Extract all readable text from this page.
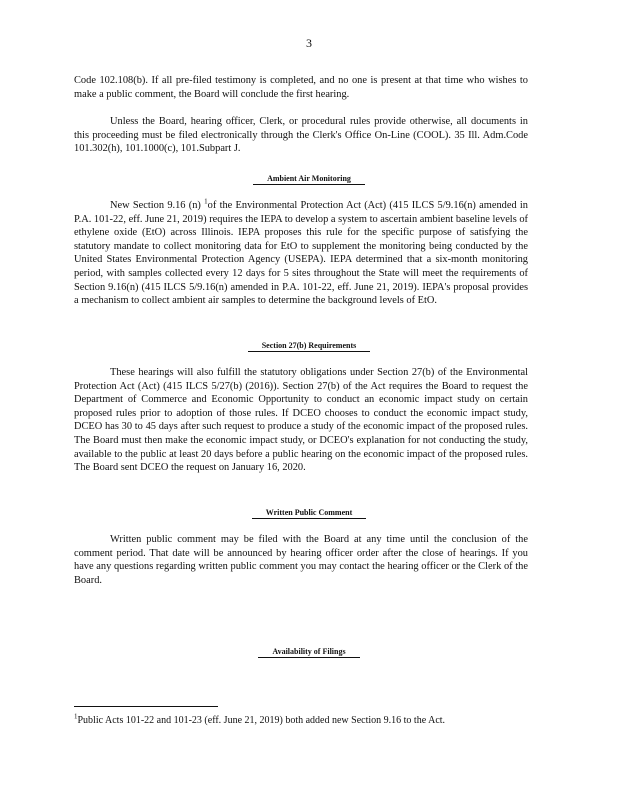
3

Code 102.108(b). If all pre-filed testimony is completed, and no one is present at that time who wishes to make a public comment, the Board will conclude the first hearing.

Unless the Board, hearing officer, Clerk, or procedural rules provide otherwise, all documents in this proceeding must be filed electronically through the Clerk's Office On-Line (COOL). 35 Ill. Adm.Code 101.302(h), 101.1000(c), 101.Subpart J.

Ambient Air Monitoring

New Section 9.16 (n) $^1$of the Environmental Protection Act (Act) (415 ILCS 5/9.16(n) amended in P.A. 101-22, eff. June 21, 2019) requires the IEPA to develop a system to ascertain ambient baseline levels of ethylene oxide (EtO) across Illinois. IEPA proposes this rule for the specific purpose of satisfying the statutory mandate to collect monitoring data for EtO to supplement the monitoring being conducted by the United States Environmental Protection Agency (USEPA). IEPA determined that a six-month monitoring period, with samples collected every 12 days for 5 sites throughout the State will meet the requirements of Section 9.16(n) (415 ILCS 5/9.16(n) amended in P.A. 101-22, eff. June 21, 2019). IEPA's proposal provides a mechanism to collect ambient air samples to determine the background levels of EtO.

Section 27(b) Requirements

These hearings will also fulfill the statutory obligations under Section 27(b) of the Environmental Protection Act (Act) (415 ILCS 5/27(b) (2016)). Section 27(b) of the Act requires the Board to request the Department of Commerce and Economic Opportunity to conduct an economic impact study on certain proposed rules prior to adoption of those rules. If DCEO chooses to conduct the economic impact study, DCEO has 30 to 45 days after such request to produce a study of the economic impact of the proposed rules. The Board must then make the economic impact study, or DCEO's explanation for not conducting the study, available to the public at least 20 days before a public hearing on the economic impact of the proposed rules. The Board sent DCEO the request on January 16, 2020.

Written Public Comment

Written public comment may be filed with the Board at any time until the conclusion of the comment period. That date will be announced by hearing officer order after the close of hearings. If you have any questions regarding written public comment you may contact the hearing officer or the Clerk of the Board.

Availability of Filings

$^1$Public Acts 101-22 and 101-23 (eff. June 21, 2019) both added new Section 9.16 to the Act.
